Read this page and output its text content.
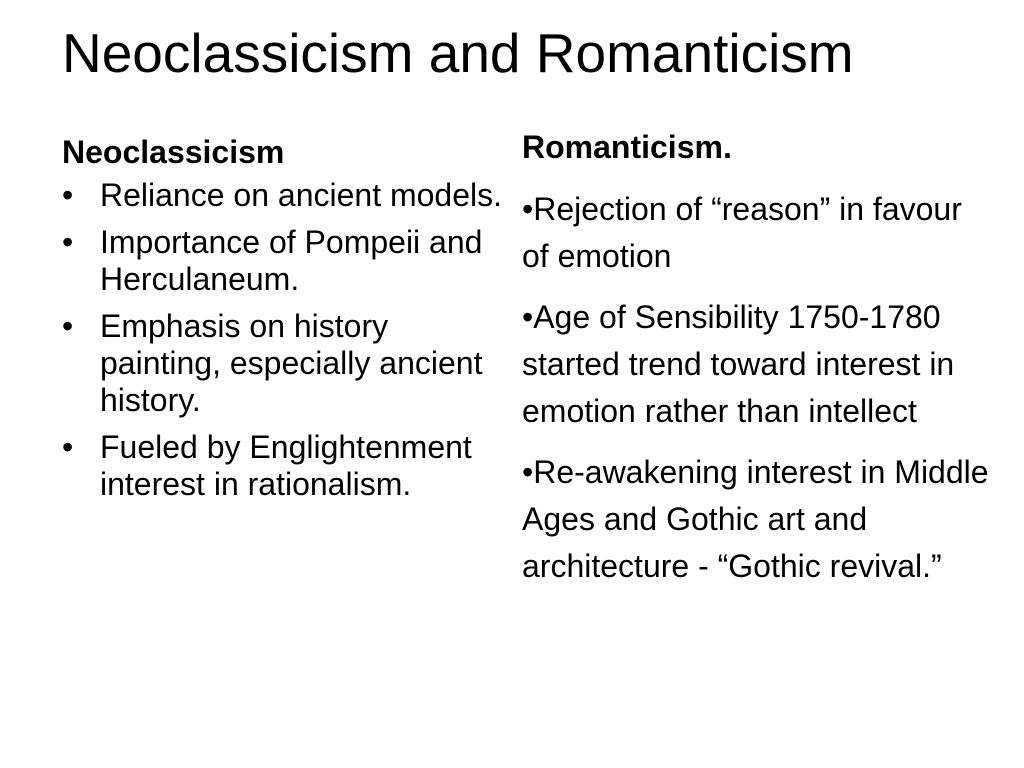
Neoclassicism and Romanticism
Neoclassicism
• Reliance on ancient models.
• Importance of Pompeii and Herculaneum.
• Emphasis on history painting, especially ancient history.
• Fueled by Englightenment interest in rationalism.
Romanticism.

•Rejection of “reason” in favour of emotion

•Age of Sensibility 1750-1780 started trend toward interest in emotion rather than intellect

•Re-awakening interest in Middle Ages and Gothic art and architecture - “Gothic revival.”
